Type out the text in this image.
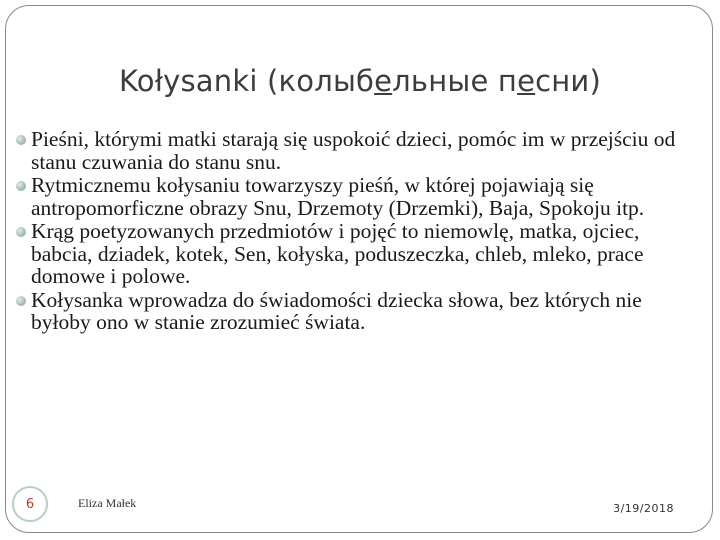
Kołysanki (колыбельные песни)
Pieśni, którymi matki starają się uspokoić dzieci, pomóc im w przejściu od stanu czuwania do stanu snu.
Rytmicznemu kołysaniu towarzyszy pieśń, w której pojawiają się antropomorficzne obrazy Snu, Drzemoty (Drzemki), Baja, Spokoju itp.
Krąg poetyzowanych przedmiotów i pojęć to niemowlę, matka, ojciec, babcia, dziadek, kotek, Sen, kołyska, poduszeczka, chleb, mleko, prace domowe i polowe.
Kołysanka wprowadza do świadomości dziecka słowa, bez których nie byłoby ono w stanie zrozumieć świata.
6	Eliza Małek	3/19/2018
